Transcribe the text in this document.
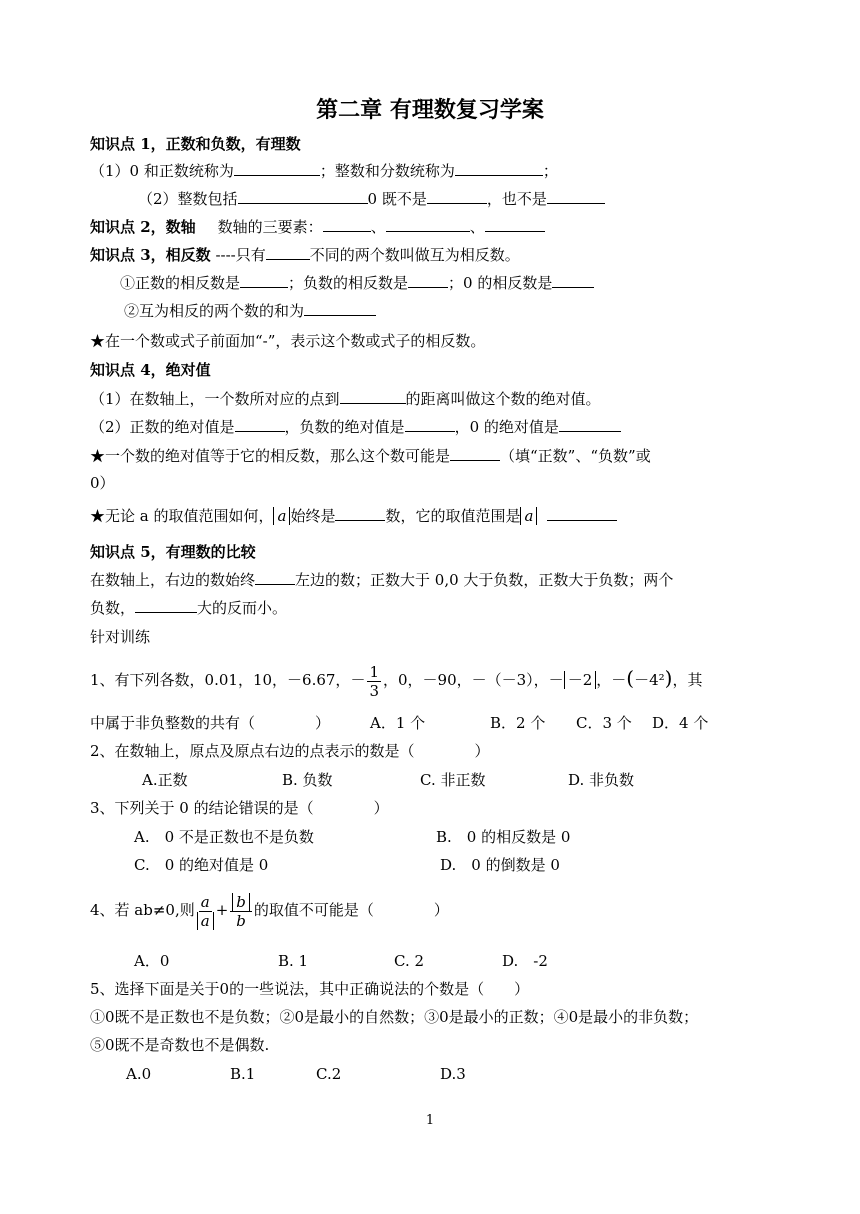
第二章 有理数复习学案
知识点 1，正数和负数，有理数
（1）0 和正数统称为	；整数和分数统称为	；
（2）整数包括	0 既不是	，也不是
知识点 2，数轴 数轴的三要素：	、	、
知识点 3，相反数 ----只有	不同的两个数叫做互为相反数。
①正数的相反数是	；负数的相反数是	；0 的相反数是
②互为相反的两个数的和为
★在一个数或式子前面加“-”，表示这个数或式子的相反数。
知识点 4，绝对值
（1）在数轴上，一个数所对应的点到	的距离叫做这个数的绝对值。
（2）正数的绝对值是	，负数的绝对值是	，0 的绝对值是
★一个数的绝对值等于它的相反数，那么这个数可能是	（填“正数”、“负数”或
0）
★无论 a 的取值范围如何， a 始终是	数，它的取值范围是 a
知识点 5，有理数的比较
在数轴上，右边的数始终	左边的数；正数大于 0,0 大于负数，正数大于负数；两个
负数，	大的反而小。
针对训练
1、有下列各数，0.01，10，－6.67，－ $\frac{1}{3}$ ，0，－90，－（－3），－ －2 ，－(－4²)，其
中属于非负整数的共有（　　　　）	A．1 个	B．2 个 C．3 个 D．4 个
2、在数轴上，原点及原点右边的点表示的数是（　　　　）
A.正数	B. 负数	C. 非正数	D. 非负数
3、下列关于 0 的结论错误的是（　　　　）
A.　0 不是正数也不是负数	B.　0 的相反数是 0
C.　0 的绝对值是 0	D.　0 的倒数是 0
4、若 ab≠0,则 $\frac{a}{a} + \frac{b}{b}$ 的取值不可能是（　　　　）
A．0	B. 1	C. 2	D.　-2
5、选择下面是关于0的一些说法，其中正确说法的个数是（　　）
①0既不是正数也不是负数；②0是最小的自然数；③0是最小的正数；④0是最小的非负数；
⑤0既不是奇数也不是偶数.
A.0	B.1	C.2	D.3
1
